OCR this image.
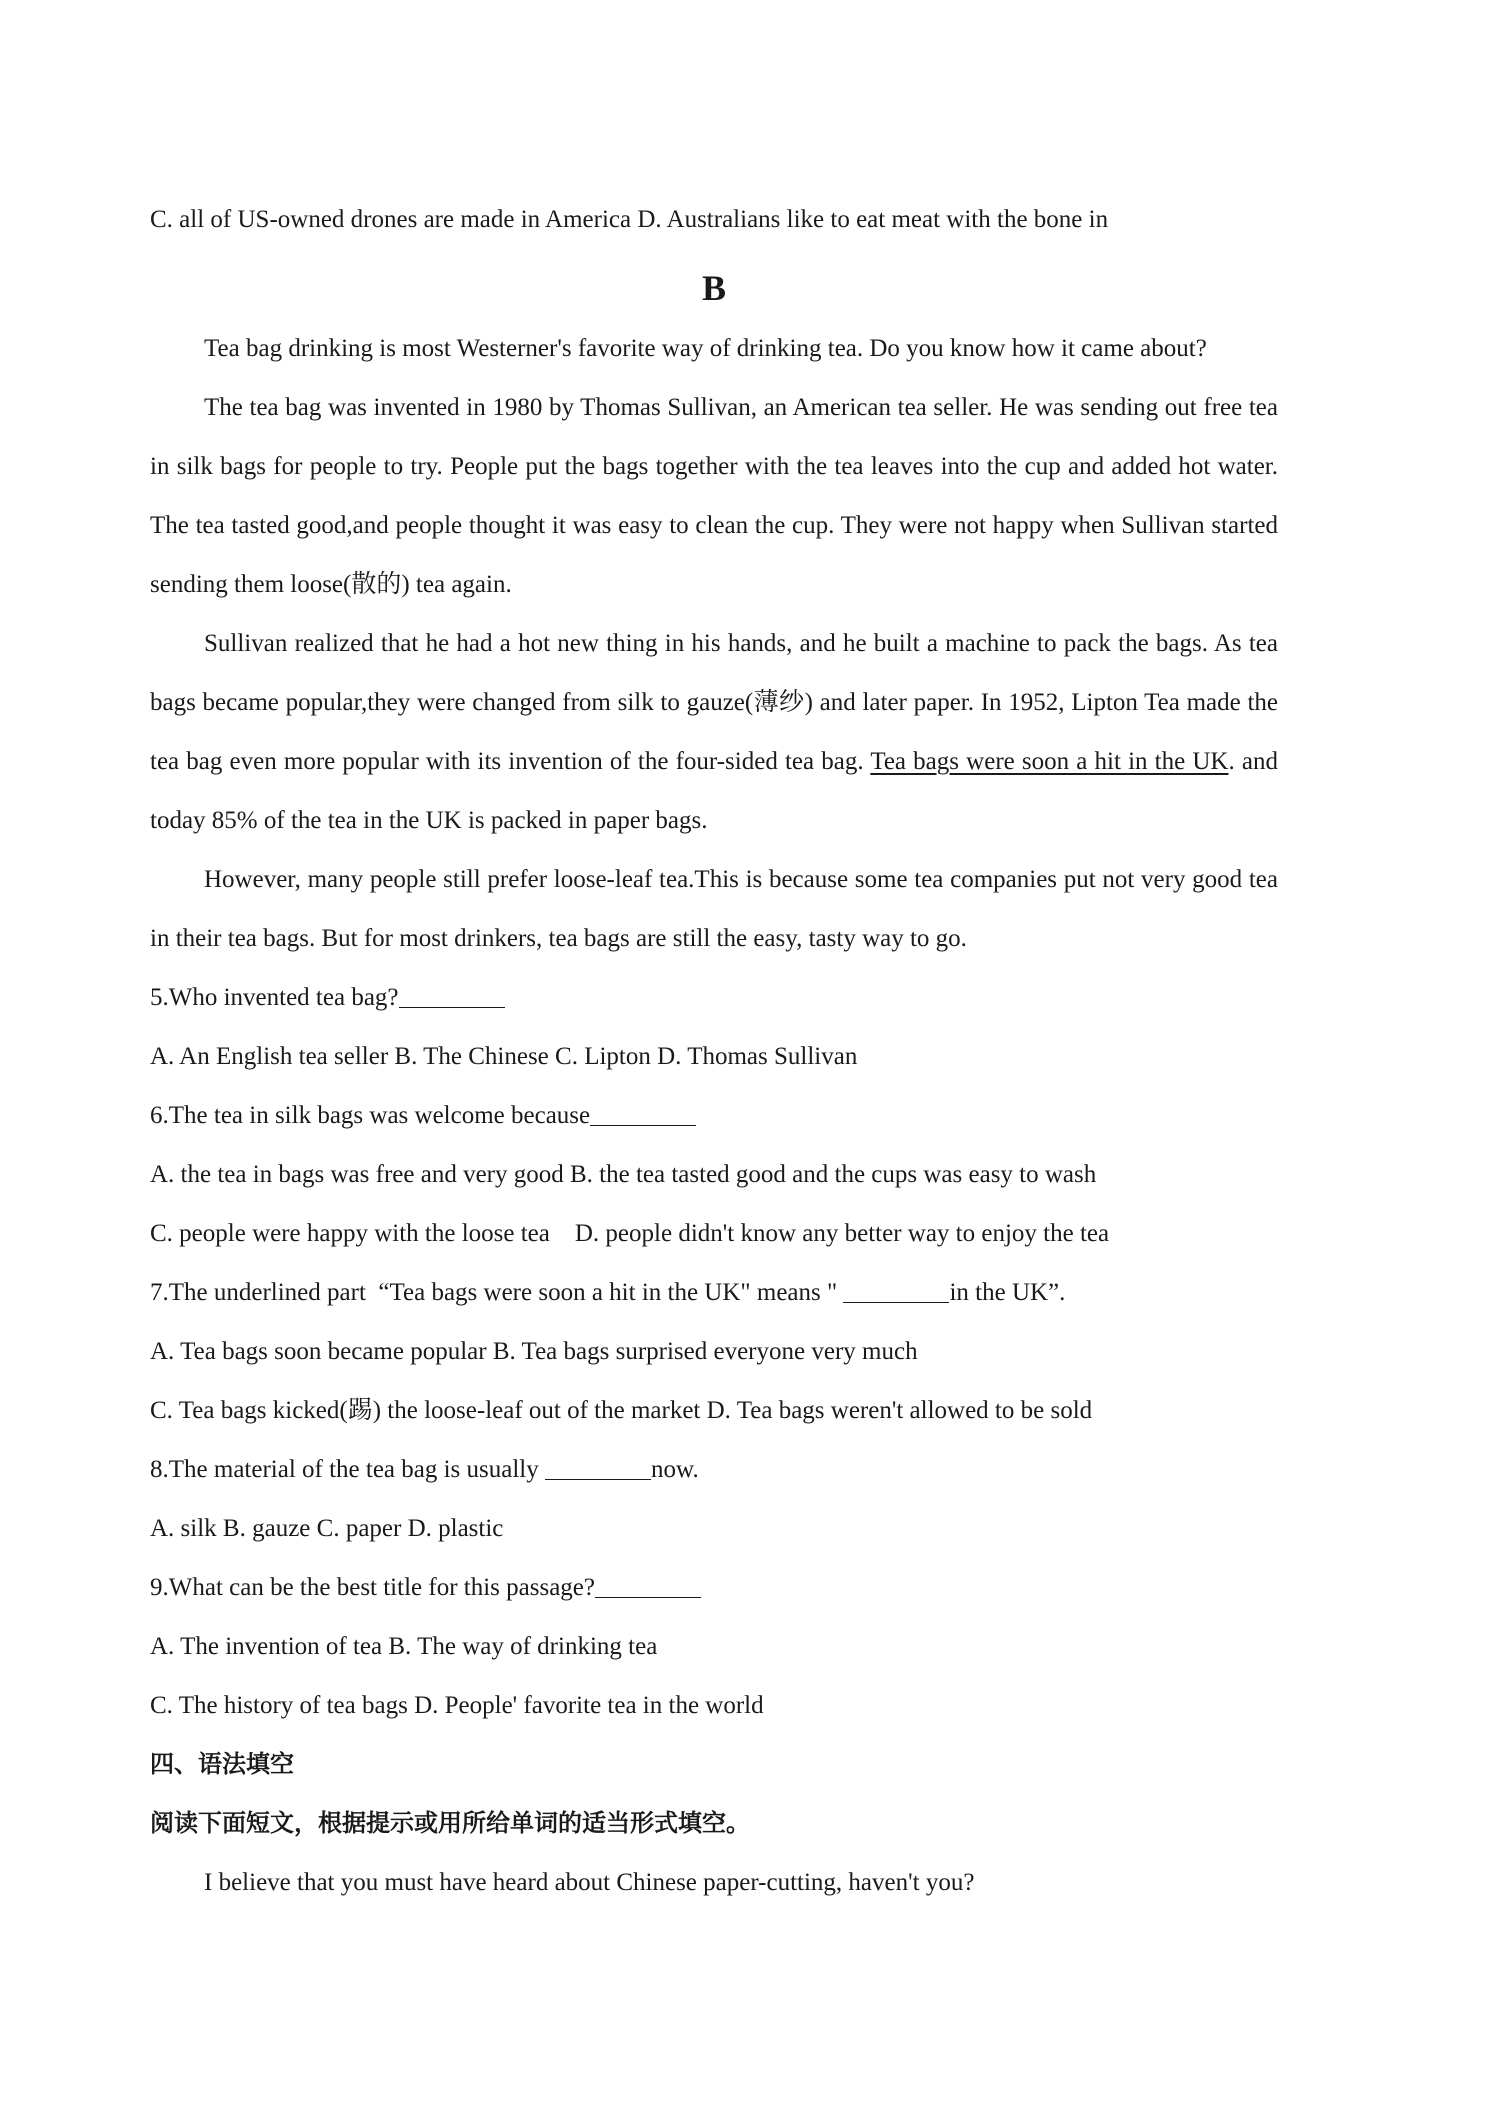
C. all of US-owned drones are made in America D. Australians like to eat meat with the bone in

B

Tea bag drinking is most Westerner's favorite way of drinking tea. Do you know how it came about?

The tea bag was invented in 1980 by Thomas Sullivan, an American tea seller. He was sending out free tea in silk bags for people to try. People put the bags together with the tea leaves into the cup and added hot water. The tea tasted good,and people thought it was easy to clean the cup. They were not happy when Sullivan started sending them loose(散的) tea again.

Sullivan realized that he had a hot new thing in his hands, and he built a machine to pack the bags. As tea bags became popular,they were changed from silk to gauze(薄纱) and later paper. In 1952, Lipton Tea made the tea bag even more popular with its invention of the four-sided tea bag. Tea bags were soon a hit in the UK. and today 85% of the tea in the UK is packed in paper bags.

However, many people still prefer loose-leaf tea.This is because some tea companies put not very good tea in their tea bags. But for most drinkers, tea bags are still the easy, tasty way to go.

5.Who invented tea bag?

A. An English tea seller B. The Chinese C. Lipton D. Thomas Sullivan

6.The tea in silk bags was welcome because

A. the tea in bags was free and very good B. the tea tasted good and the cups was easy to wash

C. people were happy with the loose tea    D. people didn't know any better way to enjoy the tea

7.The underlined part  “Tea bags were soon a hit in the UK" means "	in the UK”.

A. Tea bags soon became popular B. Tea bags surprised everyone very much

C. Tea bags kicked(踢) the loose-leaf out of the market D. Tea bags weren't allowed to be sold

8.The material of the tea bag is usually	now.

A. silk B. gauze C. paper D. plastic

9.What can be the best title for this passage?

A. The invention of tea B. The way of drinking tea

C. The history of tea bags D. People' favorite tea in the world

四、语法填空

阅读下面短文，根据提示或用所给单词的适当形式填空。

I believe that you must have heard about Chinese paper-cutting, haven't you?
